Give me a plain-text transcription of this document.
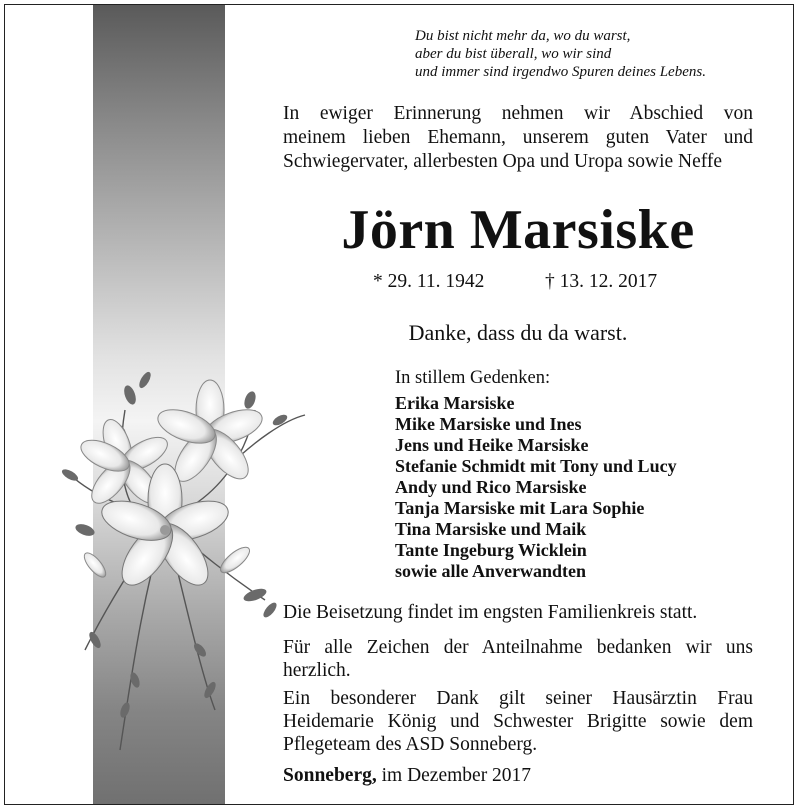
Du bist nicht mehr da, wo du warst,
aber du bist überall, wo wir sind
und immer sind irgendwo Spuren deines Lebens.
In ewiger Erinnerung nehmen wir Abschied von
meinem lieben Ehemann, unserem guten Vater und
Schwiegervater, allerbesten Opa und Uropa sowie Neffe
Jörn Marsiske
* 29. 11. 1942	† 13. 12. 2017
Danke, dass du da warst.
In stillem Gedenken:
Erika Marsiske
Mike Marsiske und Ines
Jens und Heike Marsiske
Stefanie Schmidt mit Tony und Lucy
Andy und Rico Marsiske
Tanja Marsiske mit Lara Sophie
Tina Marsiske und Maik
Tante Ingeburg Wicklein
sowie alle Anverwandten
Die Beisetzung findet im engsten Familienkreis statt.
Für alle Zeichen der Anteilnahme bedanken wir uns
herzlich.
Ein besonderer Dank gilt seiner Hausärztin Frau
Heidemarie König und Schwester Brigitte sowie dem
Pflegeteam des ASD Sonneberg.
Sonneberg, im Dezember 2017
